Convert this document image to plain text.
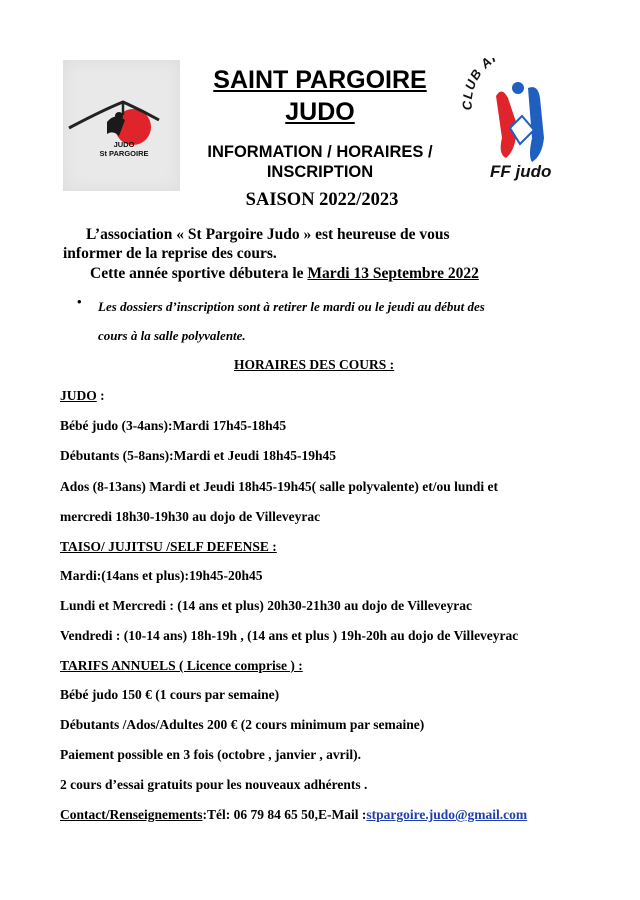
JUDO
St PARGOIRE
CLUB A
FF judo
SAINT PARGOIRE
JUDO
INFORMATION / HORAIRES /
INSCRIPTION
SAISON 2022/2023
L’association « St Pargoire Judo » est heureuse de vous
informer de la reprise des cours.
Cette année sportive débutera le Mardi 13 Septembre 2022
• Les dossiers d’inscription sont à retirer le mardi ou le jeudi au début des
cours à la salle polyvalente.
HORAIRES DES COURS :
JUDO :
Bébé judo (3-4ans):Mardi 17h45-18h45
Débutants (5-8ans):Mardi et Jeudi 18h45-19h45
Ados (8-13ans) Mardi et Jeudi 18h45-19h45( salle polyvalente) et/ou lundi et
mercredi 18h30-19h30 au dojo de Villeveyrac
TAISO/ JUJITSU /SELF DEFENSE :
Mardi:(14ans et plus):19h45-20h45
Lundi et Mercredi : (14 ans et plus) 20h30-21h30 au dojo de Villeveyrac
Vendredi : (10-14 ans) 18h-19h , (14 ans et plus ) 19h-20h au dojo de Villeveyrac
TARIFS ANNUELS ( Licence comprise ) :
Bébé judo 150 € (1 cours par semaine)
Débutants /Ados/Adultes 200 € (2 cours minimum par semaine)
Paiement possible en 3 fois (octobre , janvier , avril).
2 cours d’essai gratuits pour les nouveaux adhérents .
Contact/Renseignements:Tél: 06 79 84 65 50,E-Mail :stpargoire.judo@gmail.com
